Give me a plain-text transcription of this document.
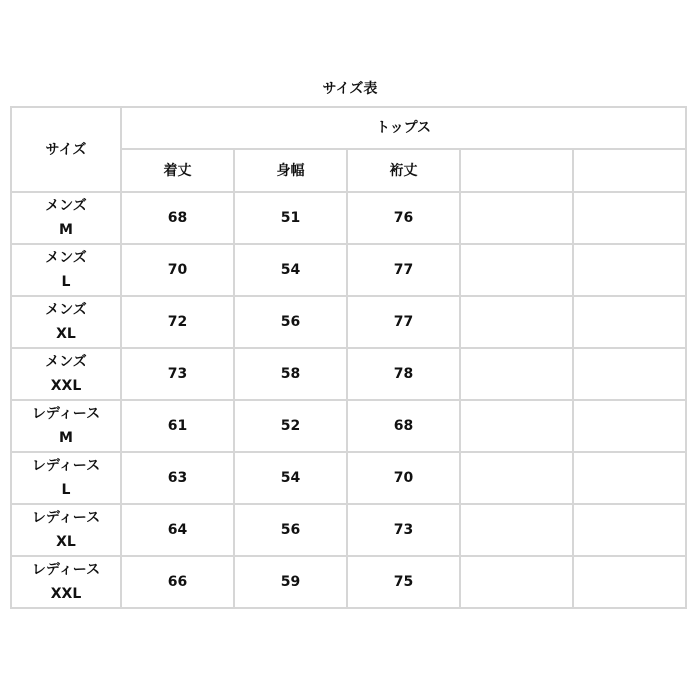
サイズ表
サイズ	トップス				
	着丈	身幅	裄丈		

メンズ
M	68	51	76		

メンズ
L	70	54	77		

メンズ
XL	72	56	77		

メンズ
XXL	73	58	78		

レディース
M	61	52	68		

レディース
L	63	54	70		

レディース
XL	64	56	73		

レディース
XXL	66	59	75		
